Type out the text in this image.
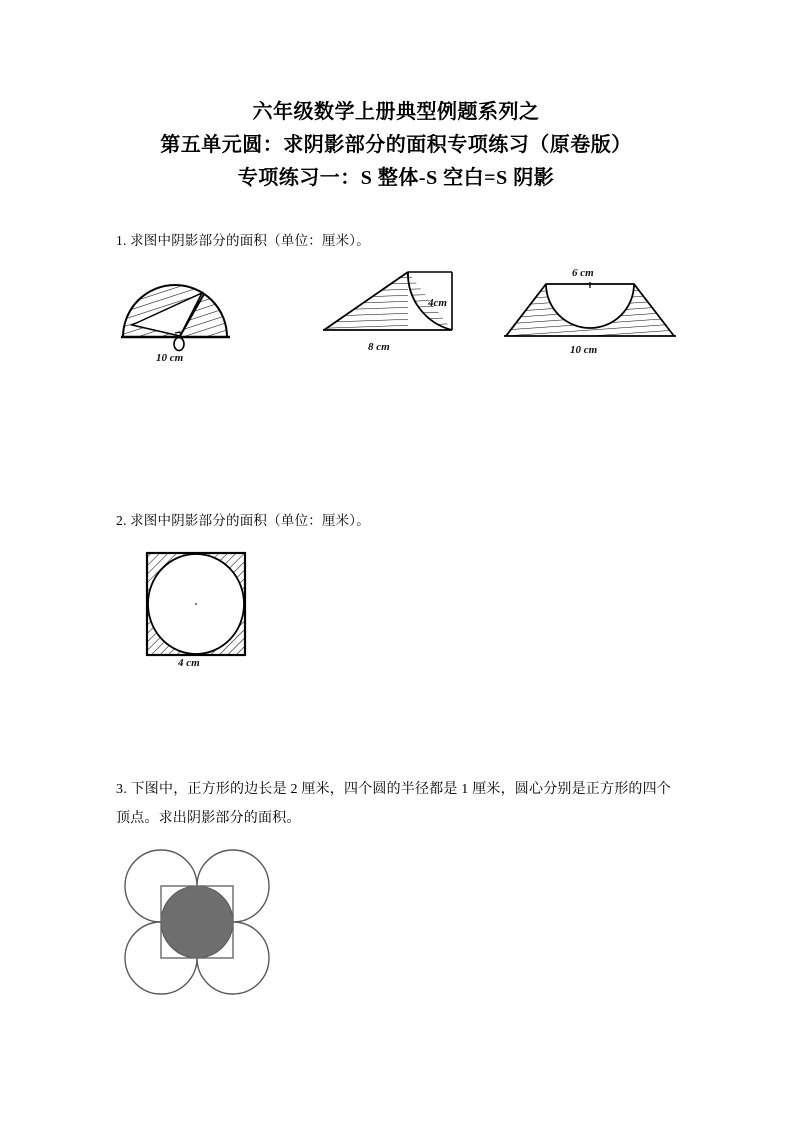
六年级数学上册典型例题系列之
第五单元圆：求阴影部分的面积专项练习（原卷版）
专项练习一：S 整体-S 空白=S 阴影
1. 求图中阴影部分的面积（单位：厘米）。
10 cm
8 cm
4cm
6 cm
10 cm
2. 求图中阴影部分的面积（单位：厘米）。
4 cm
3. 下图中，正方形的边长是 2 厘米，四个圆的半径都是 1 厘米，圆心分别是正方形的四个顶点。求出阴影部分的面积。
